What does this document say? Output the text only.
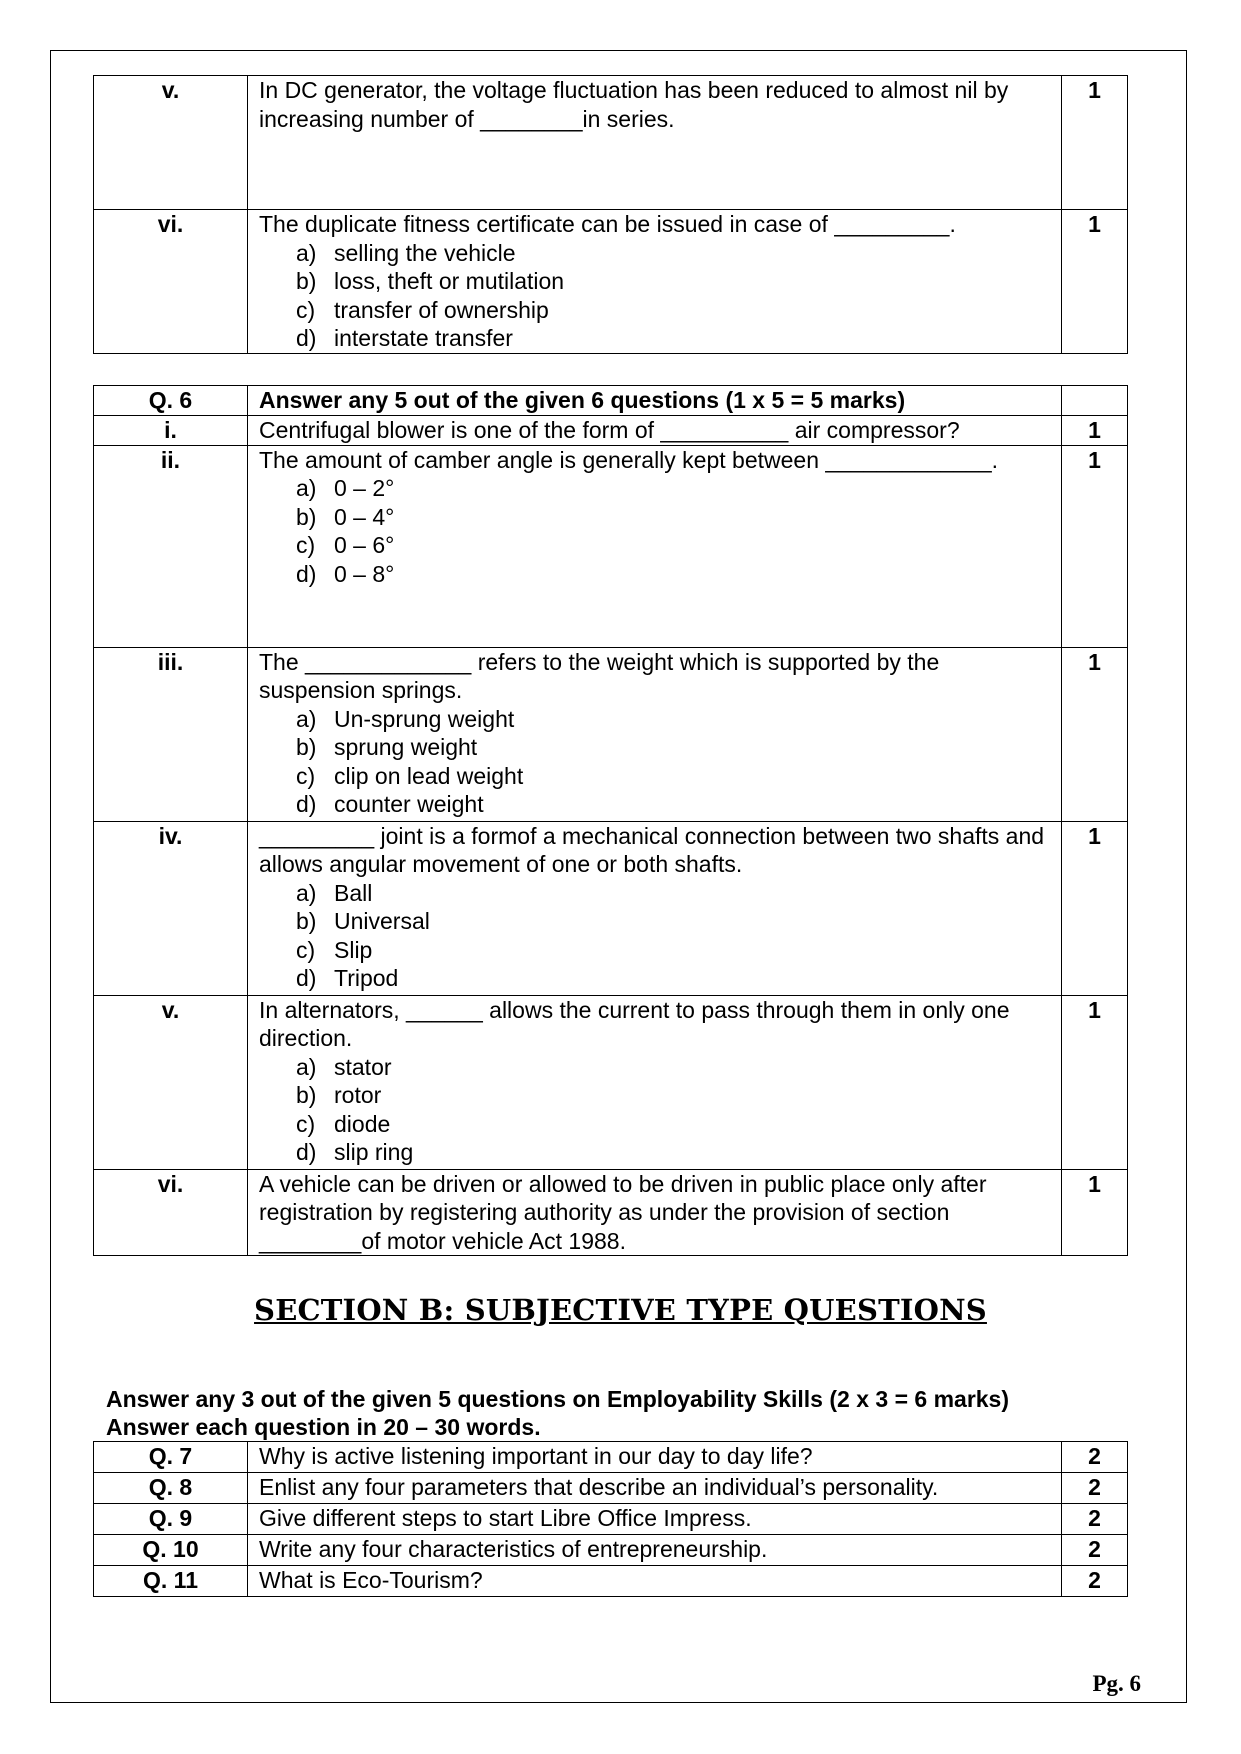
v.	In DC generator, the voltage fluctuation has been reduced to almost nil by increasing number of ________in series.	1
vi.	The duplicate fitness certificate can be issued in case of _________.
a) selling the vehicle
b) loss, theft or mutilation
c) transfer of ownership
d) interstate transfer	1
Q. 6	Answer any 5 out of the given 6 questions (1 x 5 = 5 marks)	
i.	Centrifugal blower is one of the form of __________ air compressor?	1
ii.	The amount of camber angle is generally kept between _____________.
a) 0 – 2°
b) 0 – 4°
c) 0 – 6°
d) 0 – 8°	1
iii.	The _____________ refers to the weight which is supported by the suspension springs.
a) Un-sprung weight
b) sprung weight
c) clip on lead weight
d) counter weight	1
iv.	_________ joint is a formof a mechanical connection between two shafts and allows angular movement of one or both shafts.
a) Ball
b) Universal
c) Slip
d) Tripod	1
v.	In alternators, ______ allows the current to pass through them in only one direction.
a) stator
b) rotor
c) diode
d) slip ring	1
vi.	A vehicle can be driven or allowed to be driven in public place only after registration by registering authority as under the provision of section ________of motor vehicle Act 1988.	1
SECTION B: SUBJECTIVE TYPE QUESTIONS
Answer any 3 out of the given 5 questions on Employability Skills (2 x 3 = 6 marks)
Answer each question in 20 – 30 words.
Q. 7	Why is active listening important in our day to day life?	2
Q. 8	Enlist any four parameters that describe an individual’s personality.	2
Q. 9	Give different steps to start Libre Office Impress.	2
Q. 10	Write any four characteristics of entrepreneurship.	2
Q. 11	What is Eco-Tourism?	2
Pg. 6
